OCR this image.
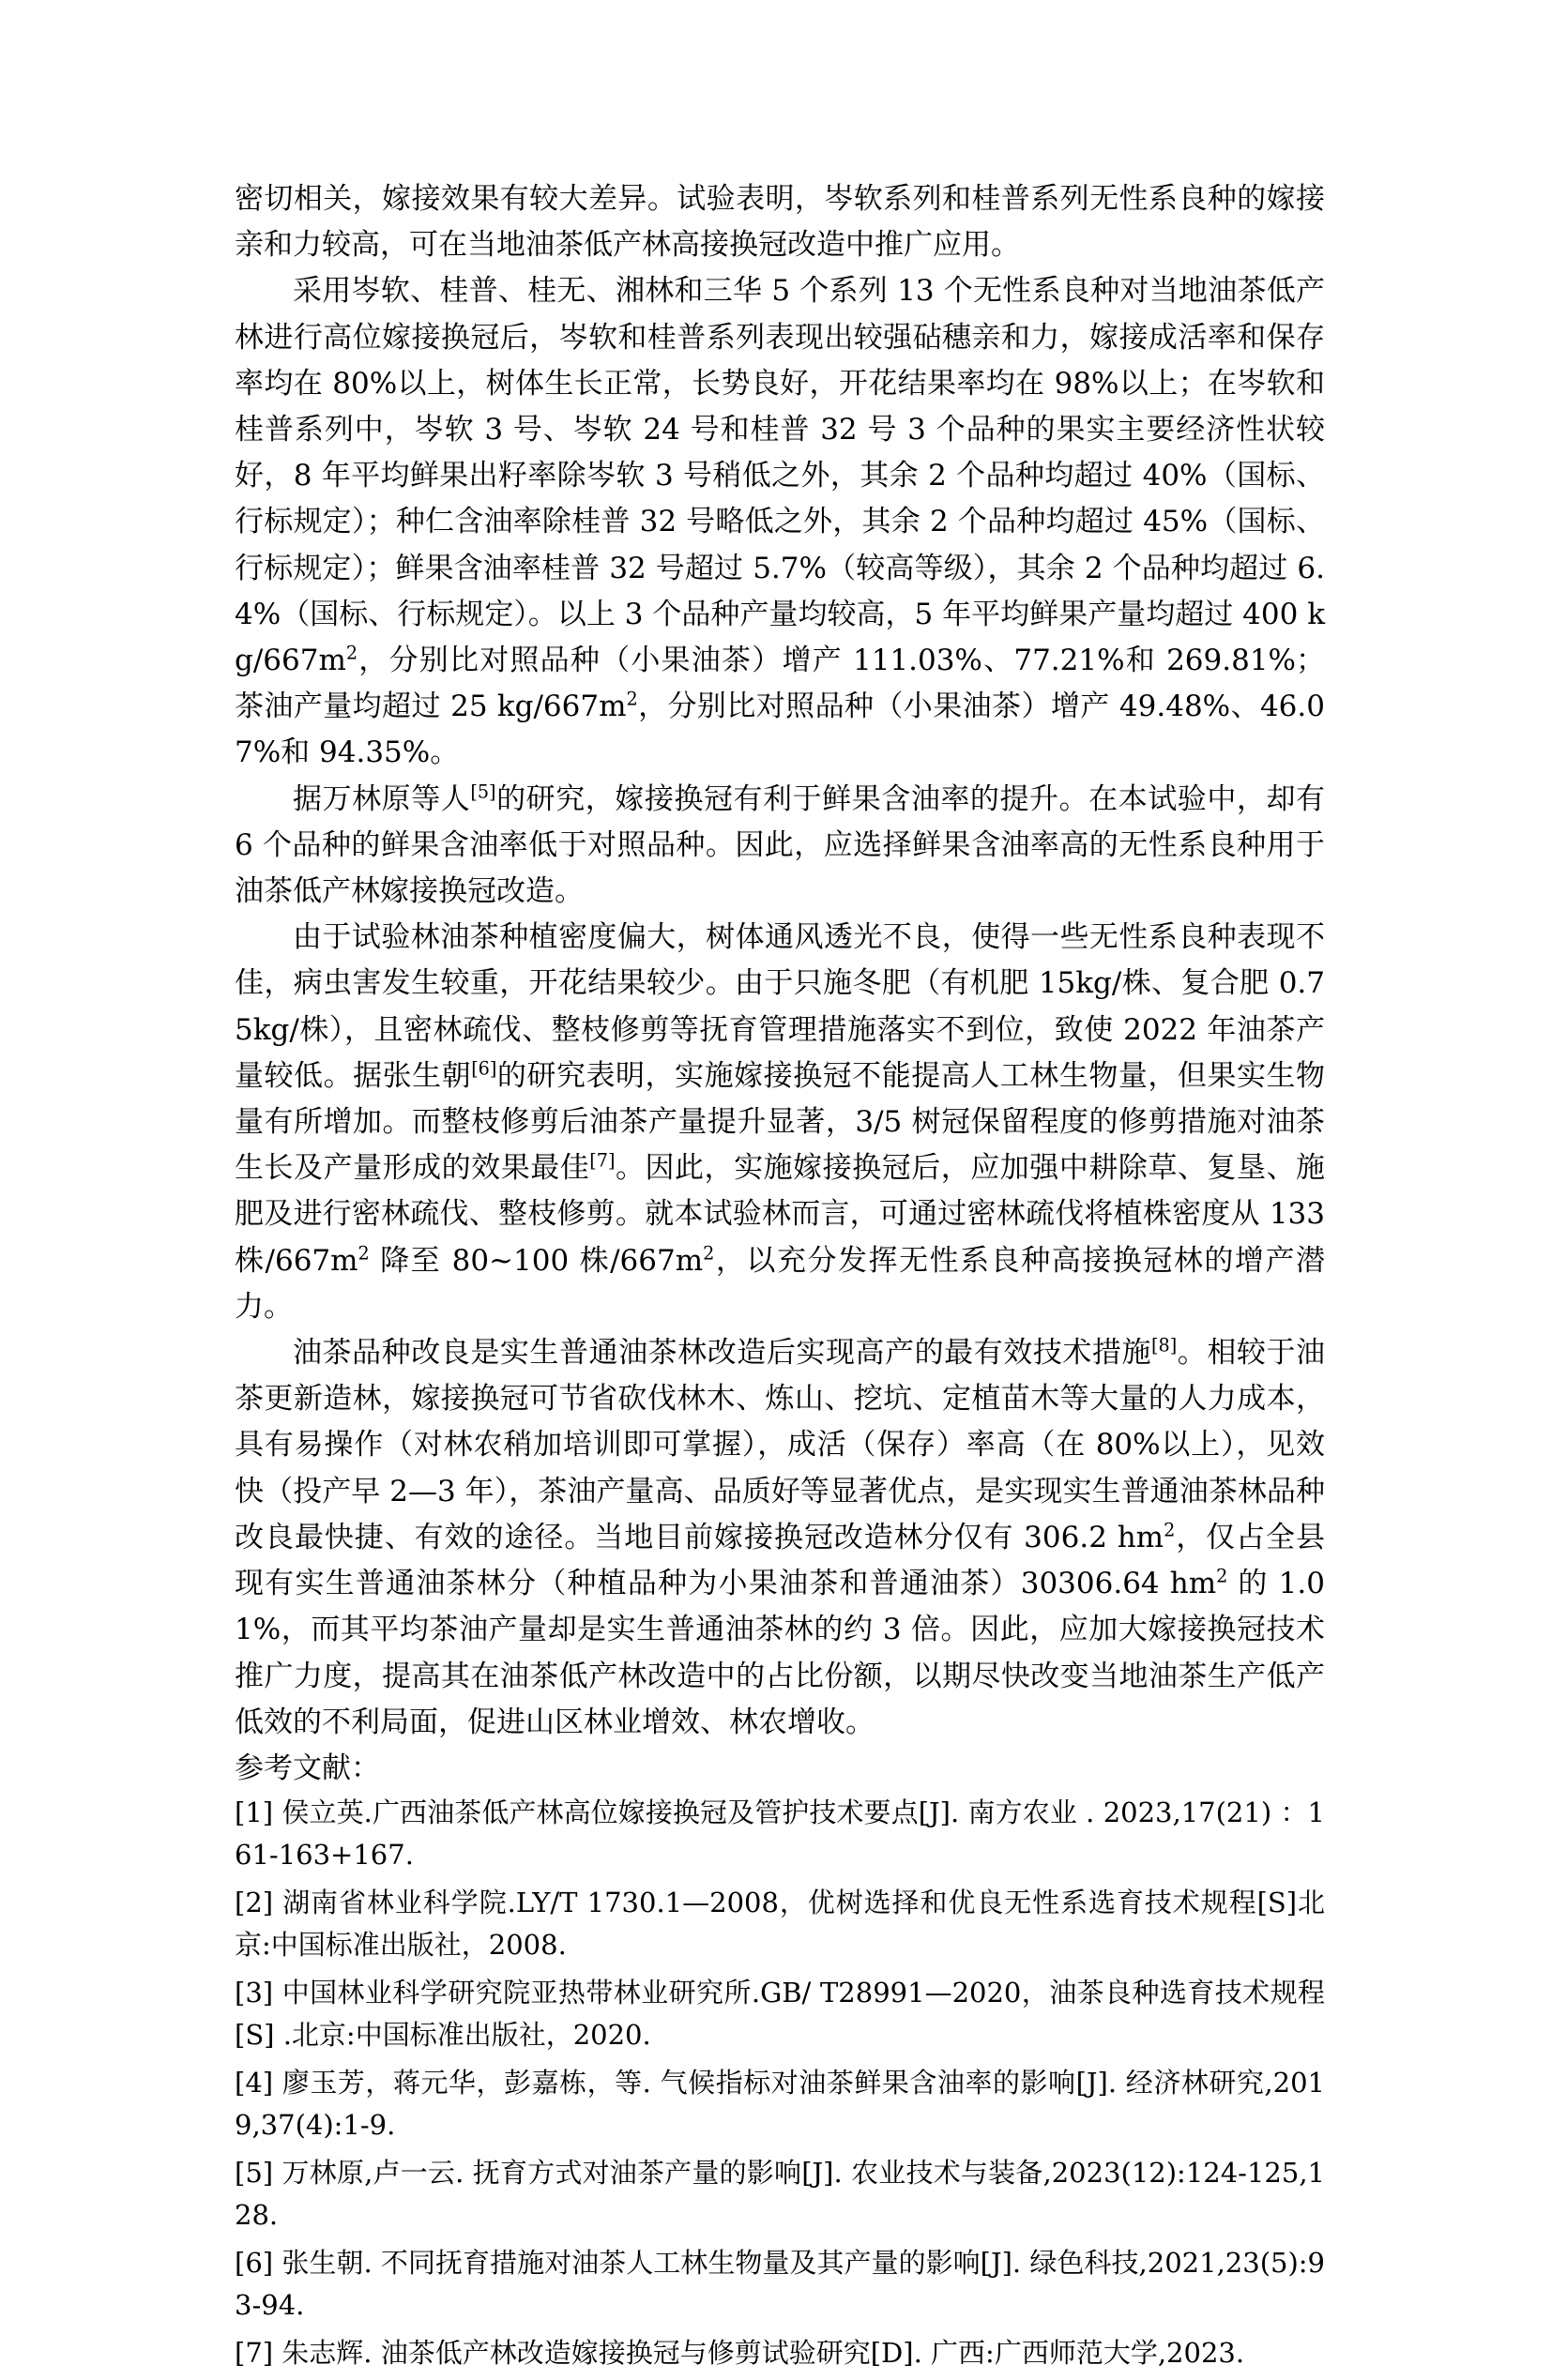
密切相关，嫁接效果有较大差异。试验表明，岑软系列和桂普系列无性系良种的嫁接亲和力较高，可在当地油茶低产林高接换冠改造中推广应用。

采用岑软、桂普、桂无、湘林和三华 5 个系列 13 个无性系良种对当地油茶低产林进行高位嫁接换冠后，岑软和桂普系列表现出较强砧穗亲和力，嫁接成活率和保存率均在 80%以上，树体生长正常，长势良好，开花结果率均在 98%以上；在岑软和桂普系列中，岑软 3 号、岑软 24 号和桂普 32 号 3 个品种的果实主要经济性状较好，8 年平均鲜果出籽率除岑软 3 号稍低之外，其余 2 个品种均超过 40%（国标、行标规定）；种仁含油率除桂普 32 号略低之外，其余 2 个品种均超过 45%（国标、行标规定）；鲜果含油率桂普 32 号超过 5.7%（较高等级），其余 2 个品种均超过 6.4%（国标、行标规定）。以上 3 个品种产量均较高，5 年平均鲜果产量均超过 400 $kg/667m^2$，分别比对照品种（小果油茶）增产 111.03%、77.21%和 269.81%；茶油产量均超过 25 $kg/667m^2$，分别比对照品种（小果油茶）增产 49.48%、46.07%和 94.35%。

据万林原等人[5]的研究，嫁接换冠有利于鲜果含油率的提升。在本试验中，却有 6 个品种的鲜果含油率低于对照品种。因此，应选择鲜果含油率高的无性系良种用于油茶低产林嫁接换冠改造。

由于试验林油茶种植密度偏大，树体通风透光不良，使得一些无性系良种表现不佳，病虫害发生较重，开花结果较少。由于只施冬肥（有机肥 15kg/株、复合肥 0.75kg/株），且密林疏伐、整枝修剪等抚育管理措施落实不到位，致使 2022 年油茶产量较低。据张生朝[6]的研究表明，实施嫁接换冠不能提高人工林生物量，但果实生物量有所增加。而整枝修剪后油茶产量提升显著，3/5 树冠保留程度的修剪措施对油茶生长及产量形成的效果最佳[7]。因此，实施嫁接换冠后，应加强中耕除草、复垦、施肥及进行密林疏伐、整枝修剪。就本试验林而言，可通过密林疏伐将植株密度从 133 株$/667m^2$ 降至 80~100 株$/667m^2$，以充分发挥无性系良种高接换冠林的增产潜力。

油茶品种改良是实生普通油茶林改造后实现高产的最有效技术措施[8]。相较于油茶更新造林，嫁接换冠可节省砍伐林木、炼山、挖坑、定植苗木等大量的人力成本，具有易操作（对林农稍加培训即可掌握），成活（保存）率高（在 80%以上），见效快（投产早 2—3 年），茶油产量高、品质好等显著优点，是实现实生普通油茶林品种改良最快捷、有效的途径。当地目前嫁接换冠改造林分仅有 306.2 $hm^2$，仅占全县现有实生普通油茶林分（种植品种为小果油茶和普通油茶）30306.64 $hm^2$ 的 1.01%，而其平均茶油产量却是实生普通油茶林的约 3 倍。因此，应加大嫁接换冠技术推广力度，提高其在油茶低产林改造中的占比份额，以期尽快改变当地油茶生产低产低效的不利局面，促进山区林业增效、林农增收。

参考文献：

[1] 侯立英.广西油茶低产林高位嫁接换冠及管护技术要点[J]. 南方农业 . 2023,17(21) ：161-163+167.
[2] 湖南省林业科学院.LY/T 1730.1—2008，优树选择和优良无性系选育技术规程[S]北京:中国标准出版社，2008.
[3] 中国林业科学研究院亚热带林业研究所.GB/ T28991—2020，油茶良种选育技术规程[S] .北京:中国标准出版社，2020.
[4] 廖玉芳，蒋元华，彭嘉栋，等. 气候指标对油茶鲜果含油率的影响[J]. 经济林研究,2019,37(4):1-9.
[5] 万林原,卢一云. 抚育方式对油茶产量的影响[J]. 农业技术与装备,2023(12):124-125,128.
[6] 张生朝. 不同抚育措施对油茶人工林生物量及其产量的影响[J]. 绿色科技,2021,23(5):93-94.
[7] 朱志辉. 油茶低产林改造嫁接换冠与修剪试验研究[D]. 广西:广西师范大学,2023.
